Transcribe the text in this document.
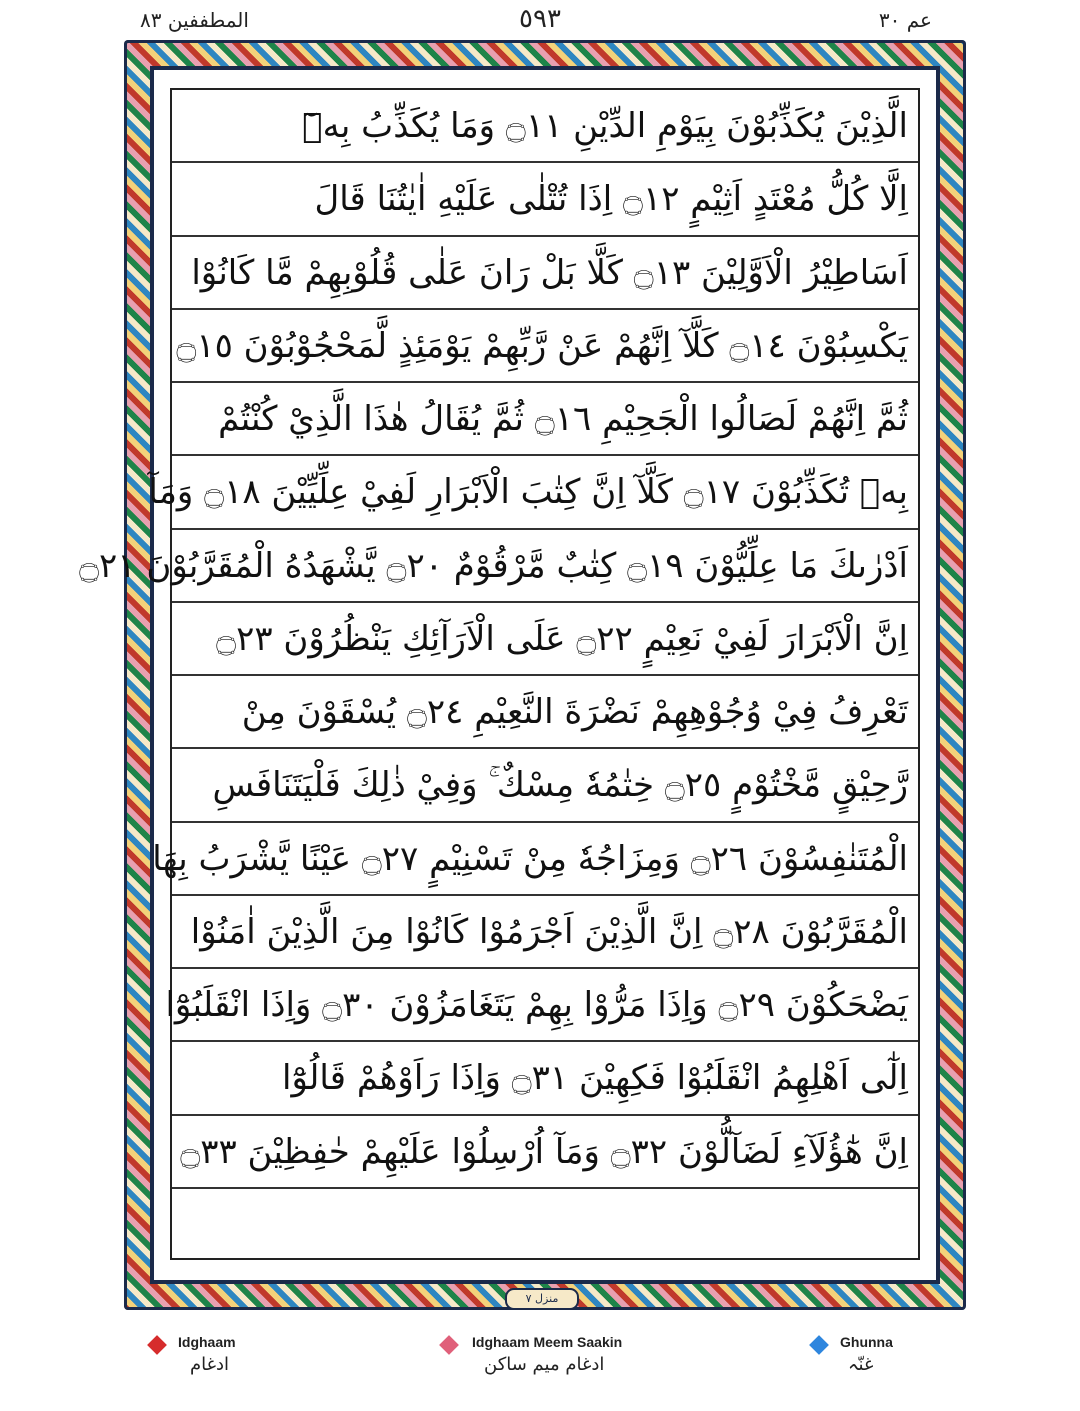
المطففين ٨٣	٥٩٣	عم ٣٠
الَّذِيْنَ يُكَذِّبُوْنَ بِيَوْمِ الدِّيْنِ ۝١١ وَمَا يُكَذِّبُ بِهٖٓ
اِلَّا كُلُّ مُعْتَدٍ اَثِيْمٍ ۝١٢ اِذَا تُتْلٰى عَلَيْهِ اٰيٰتُنَا قَالَ
اَسَاطِيْرُ الْاَوَّلِيْنَ ۝١٣ كَلَّا بَلْ رَانَ عَلٰى قُلُوْبِهِمْ مَّا كَانُوْا
يَكْسِبُوْنَ ۝١٤ كَلَّآ اِنَّهُمْ عَنْ رَّبِّهِمْ يَوْمَئِذٍ لَّمَحْجُوْبُوْنَ ۝١٥
ثُمَّ اِنَّهُمْ لَصَالُوا الْجَحِيْمِ ۝١٦ ثُمَّ يُقَالُ هٰذَا الَّذِيْ كُنْتُمْ
بِهٖ تُكَذِّبُوْنَ ۝١٧ كَلَّآ اِنَّ كِتٰبَ الْاَبْرَارِ لَفِيْ عِلِّيِّيْنَ ۝١٨ وَمَآ
اَدْرٰىكَ مَا عِلِّيُّوْنَ ۝١٩ كِتٰبٌ مَّرْقُوْمٌ ۝٢٠ يَّشْهَدُهُ الْمُقَرَّبُوْنَ ۝٢١
اِنَّ الْاَبْرَارَ لَفِيْ نَعِيْمٍ ۝٢٢ عَلَى الْاَرَآئِكِ يَنْظُرُوْنَ ۝٢٣
تَعْرِفُ فِيْ وُجُوْهِهِمْ نَضْرَةَ النَّعِيْمِ ۝٢٤ يُسْقَوْنَ مِنْ
رَّحِيْقٍ مَّخْتُوْمٍ ۝٢٥ خِتٰمُهٗ مِسْكٌ ۚ وَفِيْ ذٰلِكَ فَلْيَتَنَافَسِ
الْمُتَنٰفِسُوْنَ ۝٢٦ وَمِزَاجُهٗ مِنْ تَسْنِيْمٍ ۝٢٧ عَيْنًا يَّشْرَبُ بِهَا
الْمُقَرَّبُوْنَ ۝٢٨ اِنَّ الَّذِيْنَ اَجْرَمُوْا كَانُوْا مِنَ الَّذِيْنَ اٰمَنُوْا
يَضْحَكُوْنَ ۝٢٩ وَاِذَا مَرُّوْا بِهِمْ يَتَغَامَزُوْنَ ۝٣٠ وَاِذَا انْقَلَبُوْٓا
اِلٰٓى اَهْلِهِمُ انْقَلَبُوْا فَكِهِيْنَ ۝٣١ وَاِذَا رَاَوْهُمْ قَالُوْٓا
اِنَّ هٰٓؤُلَآءِ لَضَآلُّوْنَ ۝٣٢ وَمَآ اُرْسِلُوْا عَلَيْهِمْ حٰفِظِيْنَ ۝٣٣
منزل ٧
Idghaam
ادغام
Idghaam Meem Saakin
ادغام میم ساکن
Ghunna
غنّہ
